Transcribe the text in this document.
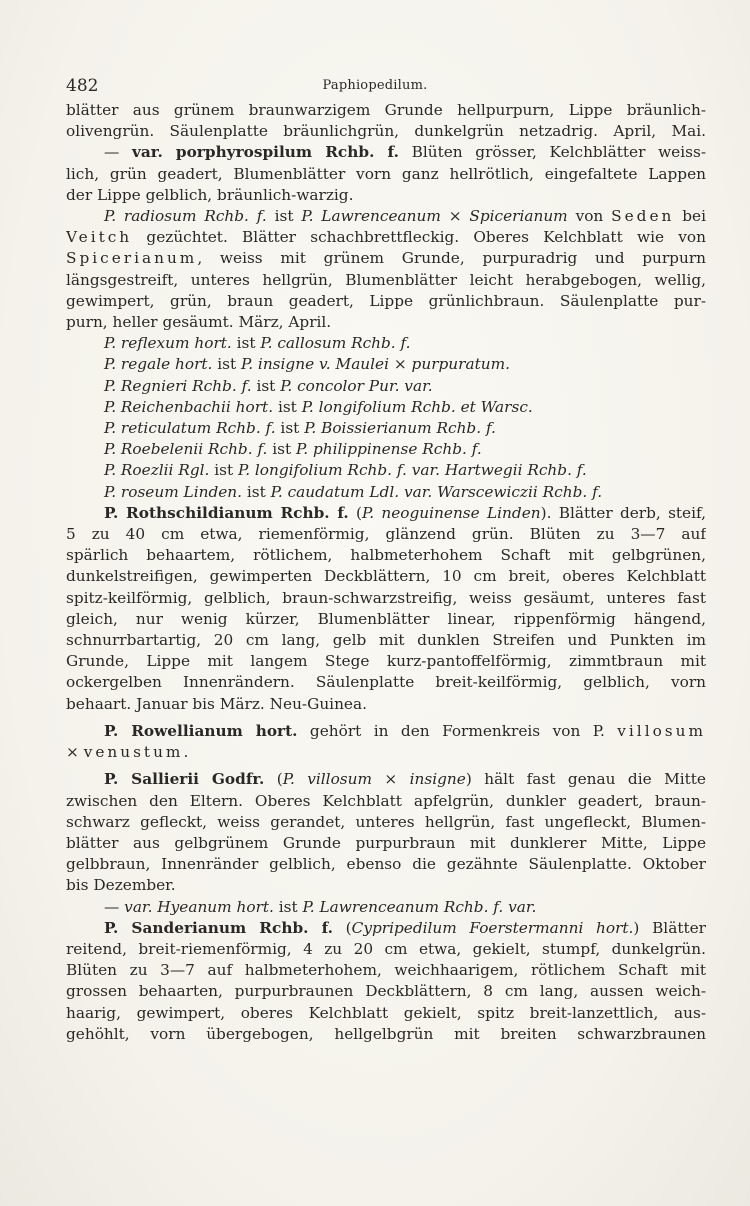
482	Paphiopedilum.
blätter aus grünem braunwarzigem Grunde hellpurpurn, Lippe bräunlich-
olivengrün. Säulenplatte bräunlichgrün, dunkelgrün netzadrig. April, Mai.
— var. porphyrospilum Rchb. f. Blüten grösser, Kelchblätter weiss-
lich, grün geadert, Blumenblätter vorn ganz hellrötlich, eingefaltete Lappen
der Lippe gelblich, bräunlich-warzig.
P. radiosum Rchb. f. ist P. Lawrenceanum × Spicerianum von Seden bei
Veitch gezüchtet. Blätter schachbrettfleckig. Oberes Kelchblatt wie von
Spicerianum, weiss mit grünem Grunde, purpuradrig und purpurn
längsgestreift, unteres hellgrün, Blumenblätter leicht herabgebogen, wellig,
gewimpert, grün, braun geadert, Lippe grünlichbraun. Säulenplatte pur-
purn, heller gesäumt. März, April.
P. reflexum hort. ist P. callosum Rchb. f.
P. regale hort. ist P. insigne v. Maulei × purpuratum.
P. Regnieri Rchb. f. ist P. concolor Pur. var.
P. Reichenbachii hort. ist P. longifolium Rchb. et Warsc.
P. reticulatum Rchb. f. ist P. Boissierianum Rchb. f.
P. Roebelenii Rchb. f. ist P. philippinense Rchb. f.
P. Roezlii Rgl. ist P. longifolium Rchb. f. var. Hartwegii Rchb. f.
P. roseum Linden. ist P. caudatum Ldl. var. Warscewiczii Rchb. f.
P. Rothschildianum Rchb. f. (P. neoguinense Linden). Blätter derb, steif,
5 zu 40 cm etwa, riemenförmig, glänzend grün. Blüten zu 3—7 auf
spärlich behaartem, rötlichem, halbmeterhohem Schaft mit gelbgrünen,
dunkelstreifigen, gewimperten Deckblättern, 10 cm breit, oberes Kelchblatt
spitz-keilförmig, gelblich, braun-schwarzstreifig, weiss gesäumt, unteres fast
gleich, nur wenig kürzer, Blumenblätter linear, rippenförmig hängend,
schnurrbartartig, 20 cm lang, gelb mit dunklen Streifen und Punkten im
Grunde, Lippe mit langem Stege kurz-pantoffelförmig, zimmtbraun mit
ockergelben Innenrändern. Säulenplatte breit-keilförmig, gelblich, vorn
behaart. Januar bis März. Neu-Guinea.
P. Rowellianum hort. gehört in den Formenkreis von P. villosum
× venustum.
P. Sallierii Godfr. (P. villosum × insigne) hält fast genau die Mitte
zwischen den Eltern. Oberes Kelchblatt apfelgrün, dunkler geadert, braun-
schwarz gefleckt, weiss gerandet, unteres hellgrün, fast ungefleckt, Blumen-
blätter aus gelbgrünem Grunde purpurbraun mit dunklerer Mitte, Lippe
gelbbraun, Innenränder gelblich, ebenso die gezähnte Säulenplatte. Oktober
bis Dezember.
— var. Hyeanum hort. ist P. Lawrenceanum Rchb. f. var.
P. Sanderianum Rchb. f. (Cypripedilum Foerstermanni hort.) Blätter
reitend, breit-riemenförmig, 4 zu 20 cm etwa, gekielt, stumpf, dunkelgrün.
Blüten zu 3—7 auf halbmeterhohem, weichhaarigem, rötlichem Schaft mit
grossen behaarten, purpurbraunen Deckblättern, 8 cm lang, aussen weich-
haarig, gewimpert, oberes Kelchblatt gekielt, spitz breit-lanzettlich, aus-
gehöhlt, vorn übergebogen, hellgelbgrün mit breiten schwarzbraunen
